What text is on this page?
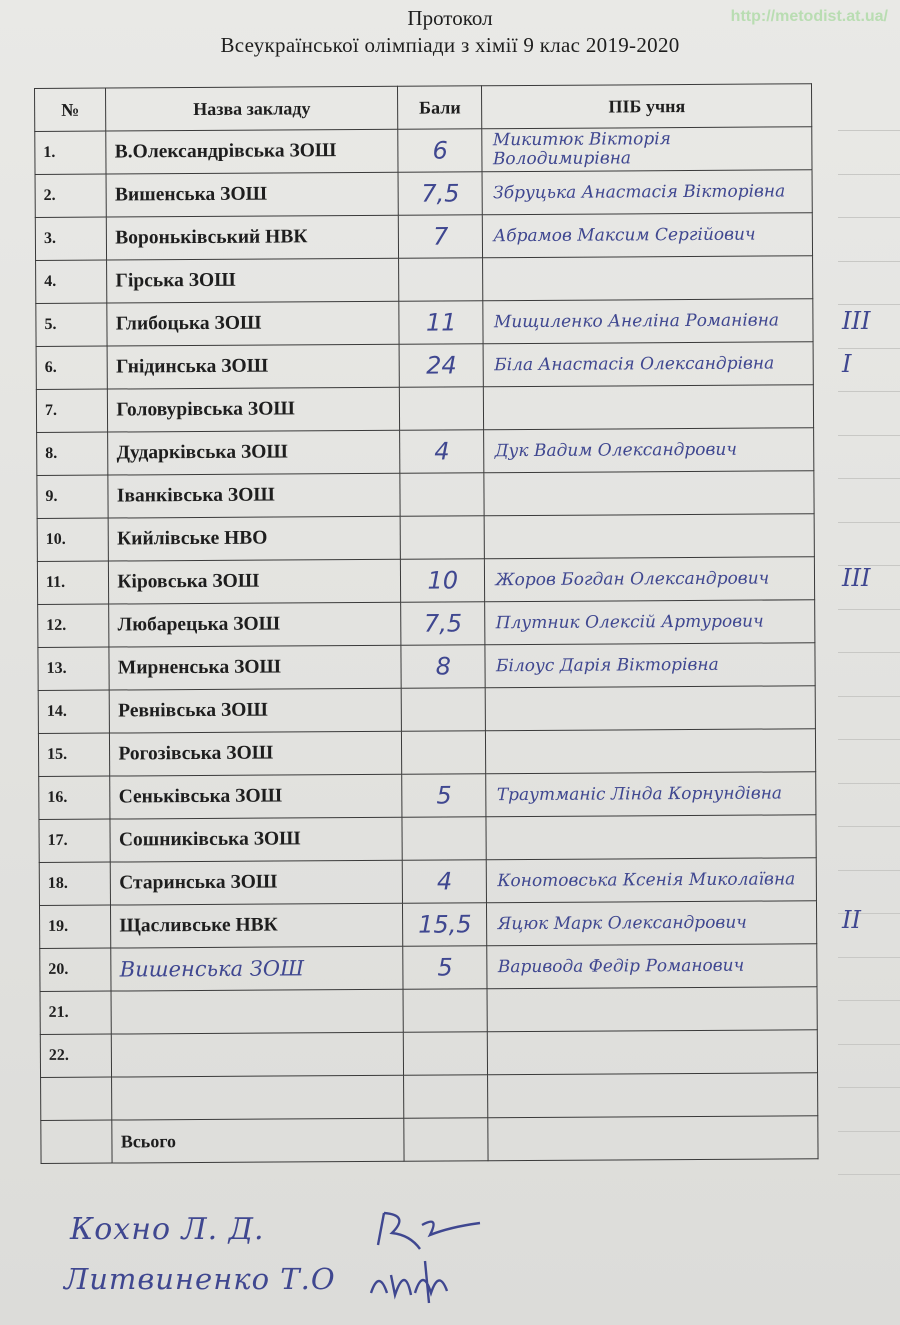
Протокол
Всеукраїнської олімпіади з хімії 9 клас 2019-2020
http://metodist.at.ua/
№	Назва закладу	Бали	ПІБ учня
1.	В.Олександрівська ЗОШ	6	Микитюк Вікторія Володимирівна
2.	Вишенська ЗОШ	7,5	Збруцька Анастасія Вікторівна
3.	Вороньківський НВК	7	Абрамов Максим Сергійович
4.	Гірська ЗОШ		
5.	Глибоцька ЗОШ	11	Мищиленко Анеліна Романівна
6.	Гнідинська ЗОШ	24	Біла Анастасія Олександрівна
7.	Головурівська ЗОШ		
8.	Дударківська ЗОШ	4	Дук Вадим Олександрович
9.	Іванківська ЗОШ		
10.	Кийлівське НВО		
11.	Кіровська ЗОШ	10	Жоров Богдан Олександрович
12.	Любарецька ЗОШ	7,5	Плутник Олексій Артурович
13.	Мирненська ЗОШ	8	Білоус Дарія Вікторівна
14.	Ревнівська ЗОШ		
15.	Рогозівська ЗОШ		
16.	Сеньківська ЗОШ	5	Траутманіс Лінда Корнундівна
17.	Сошниківська ЗОШ		
18.	Старинська ЗОШ	4	Конотовська Ксенія Миколаївна
19.	Щасливське НВК	15,5	Яцюк Марк Олександрович
20.	Вишенська ЗОШ	5	Варивода Федір Романович
21.			
22.			

	Всього		
III
I
III
II
Кохно Л. Д.
Литвиненко Т.О
